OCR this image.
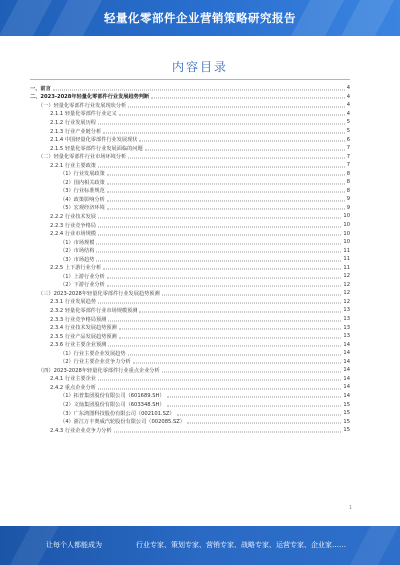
轻量化零部件企业营销策略研究报告
内容目录
一、前言	4
二、2023-2028年轻量化零部件行业发展趋势判断	4
（一）轻量化零部件行业发展现状分析	4
2.1.1 轻量化零部件行业定义	4
2.1.2 行业发展历程	5
2.1.3 行业产业链分析	5
2.1.4 中国轻量化零部件行业发展现状	6
2.1.5 轻量化零部件行业发展面临的问题	7
（二）轻量化零部件行业市场环境分析	7
2.2.1 行业主要政策	7
（1）行业发展政策	8
（2）国内相关政策	8
（3）行业标准规范	8
（4）政策影响分析	9
（5）宏观经济环境	9
2.2.2 行业技术发展	10
2.2.3 行业竞争格局	10
2.2.4 行业市场规模	10
（1）市场规模	10
（2）市场结构	11
（3）市场趋势	11
2.2.5 上下游行业分析	11
（1）上游行业分析	12
（2）下游行业分析	12
（三）2023-2028年轻量化零部件行业发展趋势预测	12
2.3.1 行业发展趋势	12
2.3.2 轻量化零部件行业市场规模预测	13
2.3.3 行业竞争格局预测	13
2.3.4 行业技术发展趋势预测	13
2.3.5 行业产品发展趋势预测	13
2.3.6 行业主要企业预测	14
（1）行业主要企业发展趋势	14
（2）行业主要企业竞争力分析	14
（四）2023-2028年轻量化零部件行业重点企业分析	14
2.4.1 行业主要企业	14
2.4.2 重点企业分析	14
（1）拓普集团股份有限公司（601689.SH）	14
（2）文灿集团股份有限公司（603348.SH）	15
（3）广东鸿图科技股份有限公司（002101.SZ）	15
（4）浙江万丰奥威汽轮股份有限公司（002085.SZ）	15
2.4.3 行业企业竞争力分析	15
1
让每个人都能成为	行业专家、策划专家、营销专家、战略专家、运营专家、企业家……
